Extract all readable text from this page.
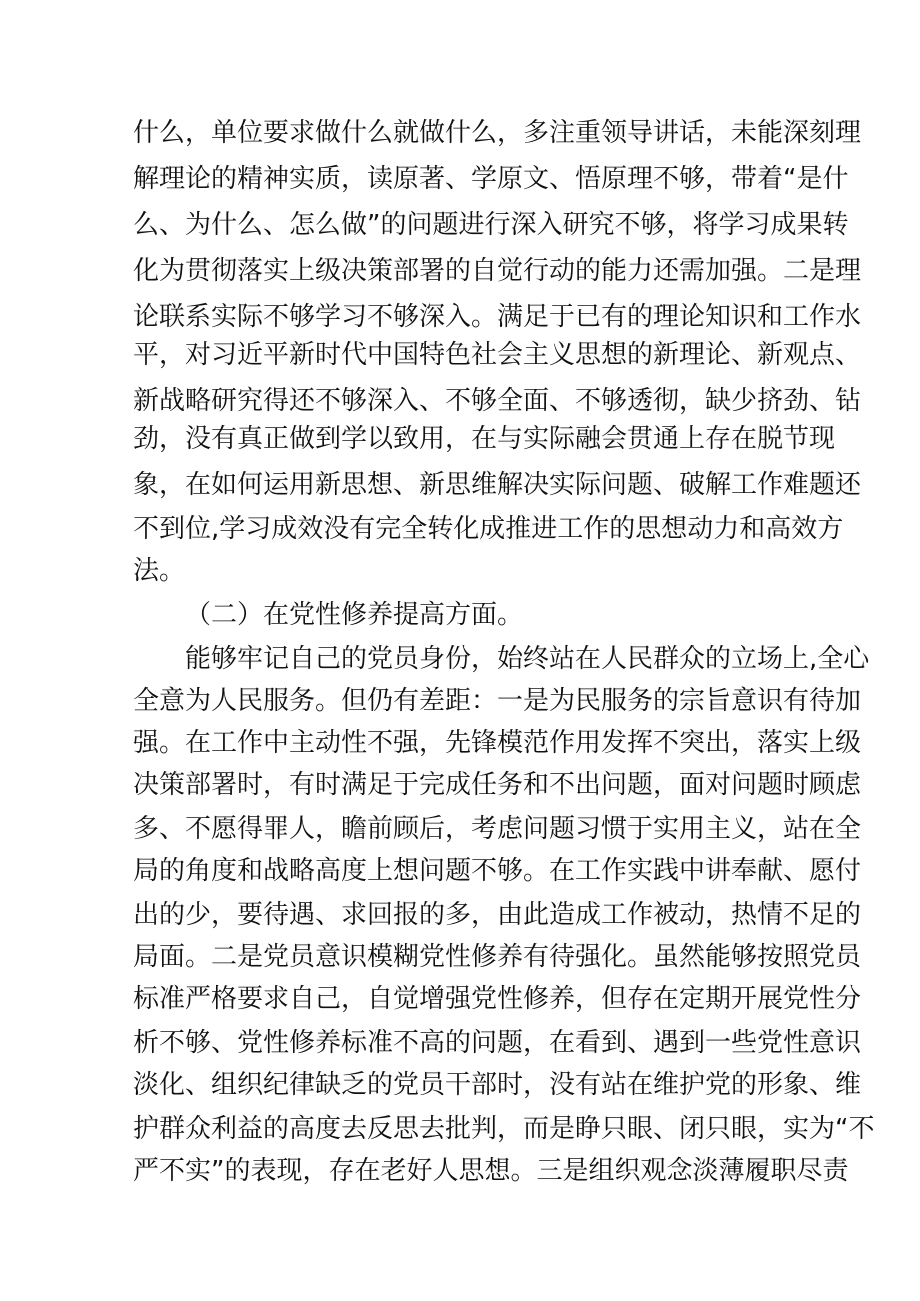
什么，单位要求做什么就做什么，多注重领导讲话，未能深刻理

解理论的精神实质，读原著、学原文、悟原理不够，带着“是什

么、为什么、怎么做”的问题进行深入研究不够，将学习成果转

化为贯彻落实上级决策部署的自觉行动的能力还需加强。二是理

论联系实际不够学习不够深入。满足于已有的理论知识和工作水

平，对习近平新时代中国特色社会主义思想的新理论、新观点、

新战略研究得还不够深入、不够全面、不够透彻，缺少挤劲、钻

劲，没有真正做到学以致用，在与实际融会贯通上存在脱节现

象，在如何运用新思想、新思维解决实际问题、破解工作难题还

不到位,学习成效没有完全转化成推进工作的思想动力和高效方

法。

（二）在党性修养提高方面。

能够牢记自己的党员身份，始终站在人民群众的立场上,全心

全意为人民服务。但仍有差距：一是为民服务的宗旨意识有待加

强。在工作中主动性不强，先锋模范作用发挥不突出，落实上级

决策部署时，有时满足于完成任务和不出问题，面对问题时顾虑

多、不愿得罪人，瞻前顾后，考虑问题习惯于实用主义，站在全

局的角度和战略高度上想问题不够。在工作实践中讲奉献、愿付

出的少，要待遇、求回报的多，由此造成工作被动，热情不足的

局面。二是党员意识模糊党性修养有待强化。虽然能够按照党员

标准严格要求自己，自觉增强党性修养，但存在定期开展党性分

析不够、党性修养标准不高的问题，在看到、遇到一些党性意识

淡化、组织纪律缺乏的党员干部时，没有站在维护党的形象、维

护群众利益的高度去反思去批判，而是睁只眼、闭只眼，实为“不

严不实”的表现，存在老好人思想。三是组织观念淡薄履职尽责
